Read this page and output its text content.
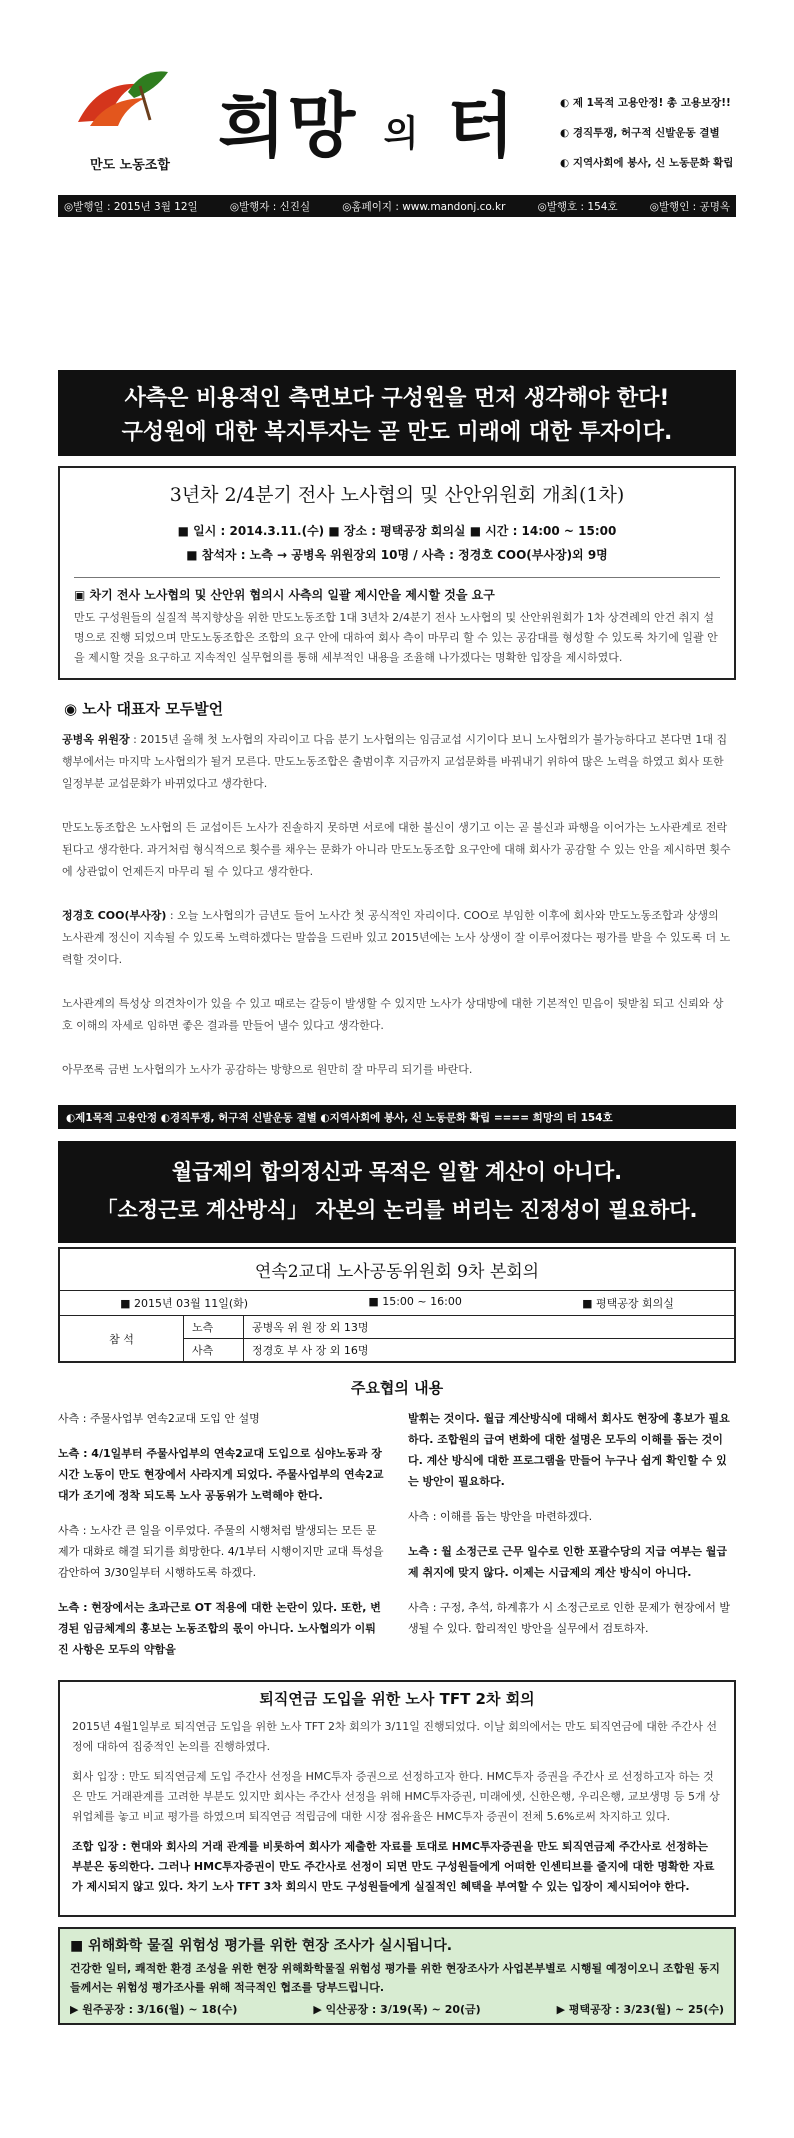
만도 노동조합 희망 의 터	◐ 제 1목적 고용안정! 총 고용보장!!
◐ 경직투쟁, 허구적 신발운동 결별
◐ 지역사회에 봉사, 신 노동문화 확립
◎ 발행일 : 2015년 3월 12일	◎ 발행자 : 신진실	◎ 홈페이지 : www.mandonj.co.kr	◎ 발행호 : 154호	◎ 발행인 : 공명옥
사측은 비용적인 측면보다 구성원을 먼저 생각해야 한다!
구성원에 대한 복지투자는 곧 만도 미래에 대한 투자이다.
3년차 2/4분기 전사 노사협의 및 산안위원회 개최(1차)
■ 일시 : 2014.3.11.(수) ■ 장소 : 평택공장 회의실 ■ 시간 : 14:00 ~ 15:00
■ 참석자 : 노측 → 공병옥 위원장외 10명 / 사측 : 정경호 COO(부사장)외 9명
▣ 차기 전사 노사협의 및 산안위 협의시 사측의 일괄 제시안을 제시할 것을 요구
만도 구성원들의 실질적 복지향상을 위한 만도노동조합 1대 3년차 2/4분기 전사 노사협의 및 산안위원회가 1차 상견례의 안건 취지 설명으로 진행 되었으며 만도노동조합은 조합의 요구 안에 대하여 회사 측이 마무리 할 수 있는 공감대를 형성할 수 있도록 차기에 일괄 안을 제시할 것을 요구하고 지속적인 실무협의를 통해 세부적인 내용을 조율해 나가겠다는 명확한 입장을 제시하였다.
◉ 노사 대표자 모두발언
공병옥 위원장 : 2015년 올해 첫 노사협의 자리이고 다음 분기 노사협의는 임금교섭 시기이다 보니 노사협의가 불가능하다고 본다면 1대 집행부에서는 마지막 노사협의가 될거 모른다. 만도노동조합은 출범이후 지금까지 교섭문화를 바꿔내기 위하여 많은 노력을 하였고 회사 또한 일정부분 교섭문화가 바뀌었다고 생각한다.
만도노동조합은 노사협의 든 교섭이든 노사가 진솔하지 못하면 서로에 대한 불신이 생기고 이는 곧 불신과 파행을 이어가는 노사관계로 전락된다고 생각한다. 과거처럼 형식적으로 횟수를 채우는 문화가 아니라 만도노동조합 요구안에 대해 회사가 공감할 수 있는 안을 제시하면 횟수에 상관없이 언제든지 마무리 될 수 있다고 생각한다.
정경호 COO(부사장) : 오늘 노사협의가 금년도 들어 노사간 첫 공식적인 자리이다. COO로 부임한 이후에 회사와 만도노동조합과 상생의 노사관계 정신이 지속될 수 있도록 노력하겠다는 말씀을 드린바 있고 2015년에는 노사 상생이 잘 이루어졌다는 평가를 받을 수 있도록 더 노력할 것이다.
노사관계의 특성상 의견차이가 있을 수 있고 때로는 갈등이 발생할 수 있지만 노사가 상대방에 대한 기본적인 믿음이 뒷받침 되고 신뢰와 상호 이해의 자세로 임하면 좋은 결과를 만들어 낼수 있다고 생각한다.
아무쪼록 금번 노사협의가 노사가 공감하는 방향으로 원만히 잘 마무리 되기를 바란다.
◐제1목적 고용안정 ◐경직투쟁, 허구적 신발운동 결별 ◐지역사회에 봉사, 신 노동문화 확립 ==== 희망의 터 154호
월급제의 합의정신과 목적은 일할 계산이 아니다.
「소정근로 계산방식」 자본의 논리를 버리는 진정성이 필요하다.
연속2교대 노사공동위원회 9차 본회의
■ 2015년 03월 11일(화)	■ 15:00 ~ 16:00	■ 평택공장 회의실
참 석
노측	공병옥 위 원 장 외 13명
사측	정경호 부 사 장 외 16명
주요협의 내용

사측 : 주물사업부 연속2교대 도입 안 설명

노측 : 4/1일부터 주물사업부의 연속2교대 도입으로 심야노동과 장시간 노동이 만도 현장에서 사라지게 되었다. 주물사업부의 연속2교대가 조기에 정착 되도록 노사 공동위가 노력해야 한다.

사측 : 노사간 큰 일을 이루었다. 주물의 시행처럼 발생되는 모든 문제가 대화로 해결 되기를 희망한다. 4/1부터 시행이지만 교대 특성을 감안하여 3/30일부터 시행하도록 하겠다.

노측 : 현장에서는 초과근로 OT 적용에 대한 논란이 있다. 또한, 변경된 임금체계의 홍보는 노동조합의 몫이 아니다. 노사협의가 이뤄진 사항은 모두의 약함을

발휘는 것이다. 월급 계산방식에 대해서 회사도 현장에 홍보가 필요하다. 조합원의 급여 변화에 대한 설명은 모두의 이해를 돕는 것이다. 계산 방식에 대한 프로그램을 만들어 누구나 쉽게 확인할 수 있는 방안이 필요하다.

사측 : 이해를 돕는 방안을 마련하겠다.

노측 : 월 소정근로 근무 일수로 인한 포괄수당의 지급 여부는 월급제 취지에 맞지 않다. 이제는 시급제의 계산 방식이 아니다.

사측 : 구정, 추석, 하계휴가 시 소정근로로 인한 문제가 현장에서 발생될 수 있다. 합리적인 방안을 실무에서 검토하자.

퇴직연금 도입을 위한 노사 TFT 2차 회의

2015년 4월1일부로 퇴직연금 도입을 위한 노사 TFT 2차 회의가 3/11일 진행되었다. 이날 회의에서는 만도 퇴직연금에 대한 주간사 선정에 대하여 집중적인 논의를 진행하였다.

회사 입장 : 만도 퇴직연금제 도입 주간사 선정을 HMC투자 증권으로 선정하고자 한다. HMC투자 증권을 주간사 로 선정하고자 하는 것은 만도 거래관계를 고려한 부분도 있지만 회사는 주간사 선정을 위해 HMC투자증권, 미래에셋, 신한은행, 우리은행, 교보생명 등 5개 상위업체를 놓고 비교 평가를 하였으며 퇴직연금 적립금에 대한 시장 점유율은 HMC투자 증권이 전체 5.6%로써 차지하고 있다.

조합 입장 : 현대와 회사의 거래 관계를 비롯하여 회사가 제출한 자료를 토대로 HMC투자증권을 만도 퇴직연금제 주간사로 선정하는 부분은 동의한다. 그러나 HMC투자증권이 만도 주간사로 선정이 되면 만도 구성원들에게 어떠한 인센티브를 줄지에 대한 명확한 자료가 제시되지 않고 있다. 차기 노사 TFT 3차 회의시 만도 구성원들에게 실질적인 혜택을 부여할 수 있는 입장이 제시되어야 한다.

■ 위해화학 물질 위험성 평가를 위한 현장 조사가 실시됩니다.
건강한 일터, 쾌적한 환경 조성을 위한 현장 위해화학물질 위험성 평가를 위한 현장조사가 사업본부별로 시행될 예정이오니 조합원 동지들께서는 위험성 평가조사를 위해 적극적인 협조를 당부드립니다.
▶ 원주공장 : 3/16(월) ~ 18(수)	▶ 익산공장 : 3/19(목) ~ 20(금)	▶ 평택공장 : 3/23(월) ~ 25(수)
